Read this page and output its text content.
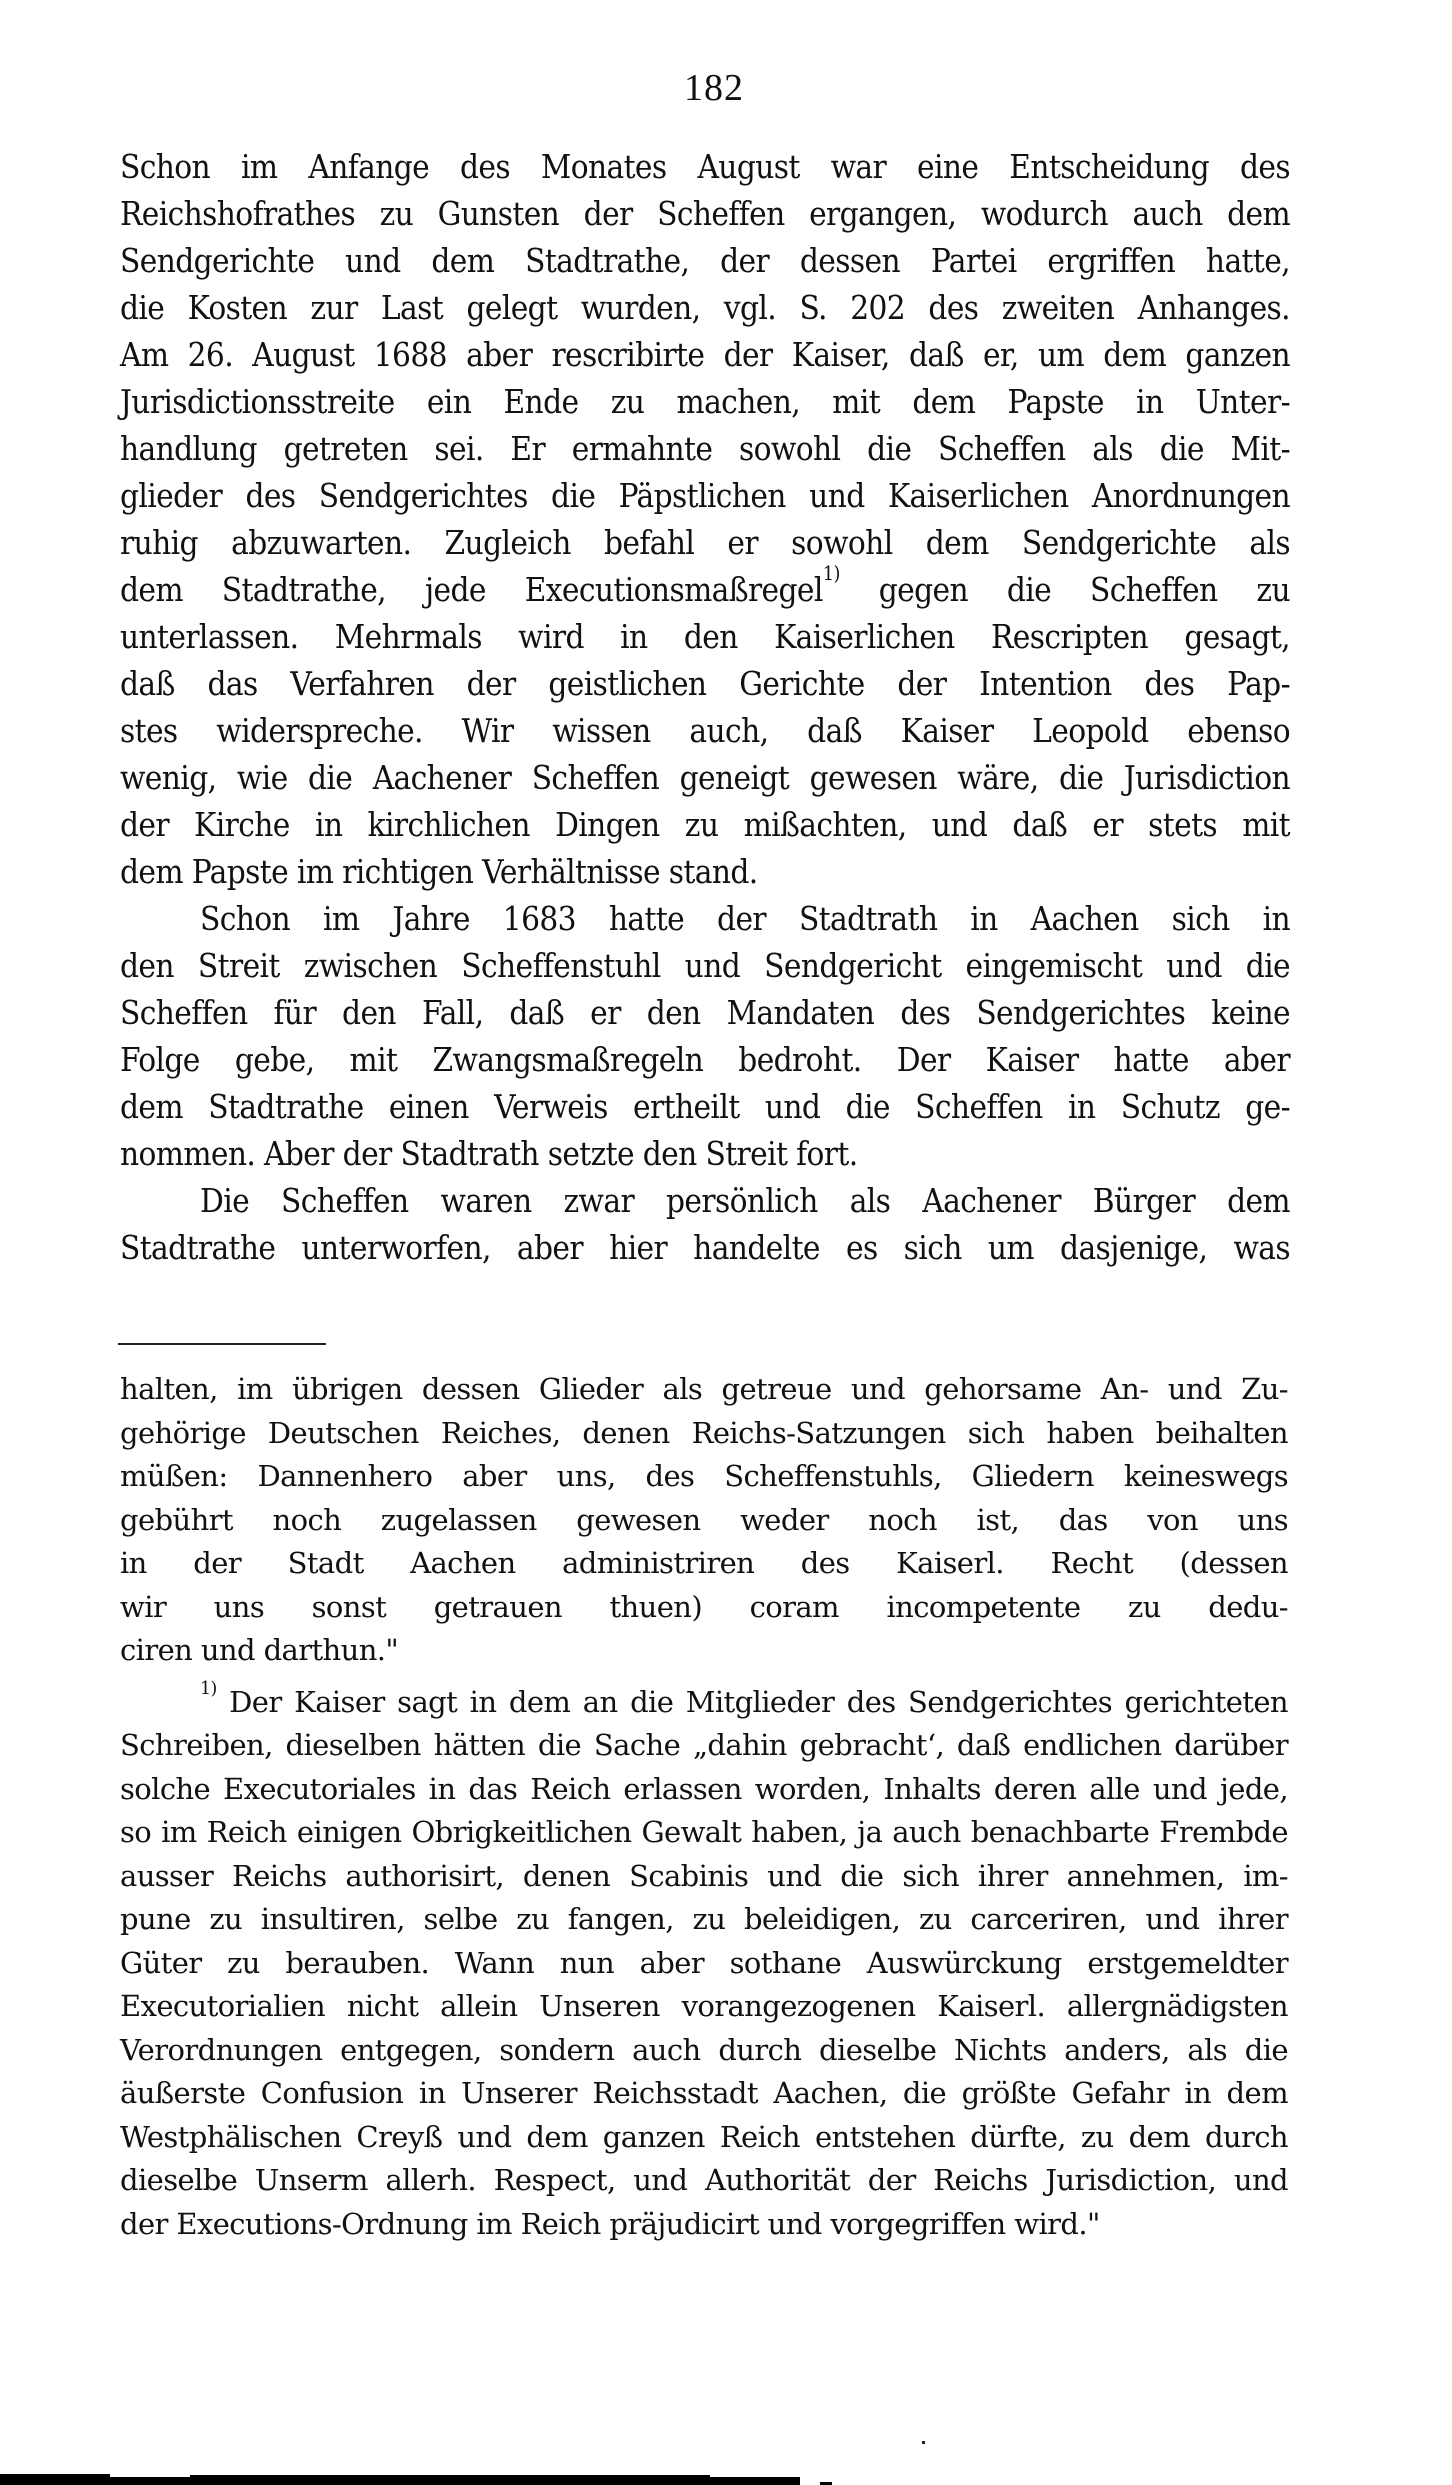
182
Schon im Anfange des Monates August war eine Entscheidung des
Reichshofrathes zu Gunsten der Scheffen ergangen, wodurch auch dem
Sendgerichte und dem Stadtrathe, der dessen Partei ergriffen hatte,
die Kosten zur Last gelegt wurden, vgl. S. 202 des zweiten Anhanges.
Am 26. August 1688 aber rescribirte der Kaiser, daß er, um dem ganzen
Jurisdictionsstreite ein Ende zu machen, mit dem Papste in Unter-
handlung getreten sei. Er ermahnte sowohl die Scheffen als die Mit-
glieder des Sendgerichtes die Päpstlichen und Kaiserlichen Anordnungen
ruhig abzuwarten. Zugleich befahl er sowohl dem Sendgerichte als
dem Stadtrathe, jede Executionsmaßregel$^{1)}$ gegen die Scheffen zu
unterlassen. Mehrmals wird in den Kaiserlichen Rescripten gesagt,
daß das Verfahren der geistlichen Gerichte der Intention des Pap-
stes widerspreche. Wir wissen auch, daß Kaiser Leopold ebenso
wenig, wie die Aachener Scheffen geneigt gewesen wäre, die Jurisdiction
der Kirche in kirchlichen Dingen zu mißachten, und daß er stets mit
dem Papste im richtigen Verhältnisse stand.
Schon im Jahre 1683 hatte der Stadtrath in Aachen sich in
den Streit zwischen Scheffenstuhl und Sendgericht eingemischt und die
Scheffen für den Fall, daß er den Mandaten des Sendgerichtes keine
Folge gebe, mit Zwangsmaßregeln bedroht. Der Kaiser hatte aber
dem Stadtrathe einen Verweis ertheilt und die Scheffen in Schutz ge-
nommen. Aber der Stadtrath setzte den Streit fort.
Die Scheffen waren zwar persönlich als Aachener Bürger dem
Stadtrathe unterworfen, aber hier handelte es sich um dasjenige, was
halten, im übrigen dessen Glieder als getreue und gehorsame An- und Zu-
gehörige Deutschen Reiches, denen Reichs-Satzungen sich haben beihalten
müßen: Dannenhero aber uns, des Scheffenstuhls, Gliedern keineswegs
gebührt noch zugelassen gewesen weder noch ist, das von uns
in der Stadt Aachen administriren des Kaiserl. Recht (dessen
wir uns sonst getrauen thuen) coram incompetente zu dedu-
ciren und darthun."
$^{1)}$ Der Kaiser sagt in dem an die Mitglieder des Sendgerichtes gerichteten
Schreiben, dieselben hätten die Sache „dahin gebracht‘, daß endlichen darüber
solche Executoriales in das Reich erlassen worden, Inhalts deren alle und jede,
so im Reich einigen Obrigkeitlichen Gewalt haben, ja auch benachbarte Frembde
ausser Reichs authorisirt, denen Scabinis und die sich ihrer annehmen, im-
pune zu insultiren, selbe zu fangen, zu beleidigen, zu carceriren, und ihrer
Güter zu berauben. Wann nun aber sothane Auswürckung erstgemeldter
Executorialien nicht allein Unseren vorangezogenen Kaiserl. allergnädigsten
Verordnungen entgegen, sondern auch durch dieselbe Nichts anders, als die
äußerste Confusion in Unserer Reichsstadt Aachen, die größte Gefahr in dem
Westphälischen Creyß und dem ganzen Reich entstehen dürfte, zu dem durch
dieselbe Unserm allerh. Respect, und Authorität der Reichs Jurisdiction, und
der Executions-Ordnung im Reich präjudicirt und vorgegriffen wird."
